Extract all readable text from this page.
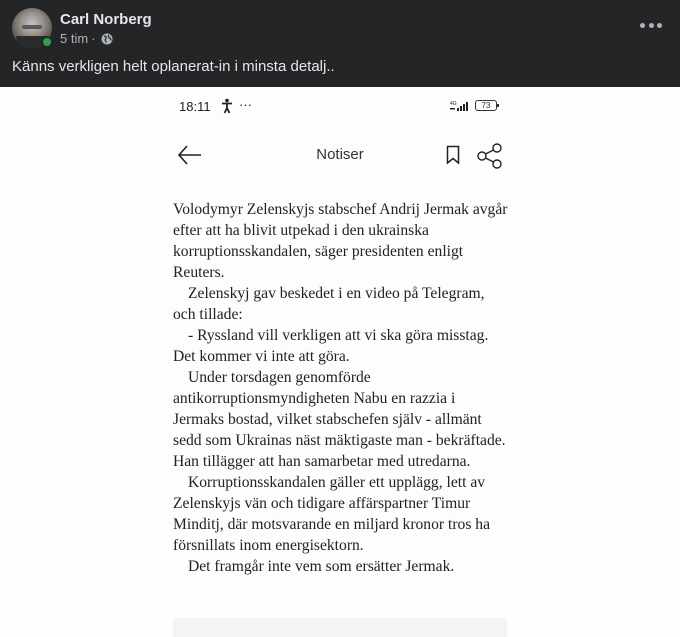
Carl Norberg
5 tim ·
Känns verkligen helt oplanerat-in i minsta detalj..
18:11 ···	4G	73
Notiser

Volodymyr Zelenskyjs stabschef Andrij Jermak avgår efter att ha blivit utpekad i den ukrainska korruptionsskandalen, säger presidenten enligt Reuters.

Zelenskyj gav beskedet i en video på Telegram, och tillade:

- Ryssland vill verkligen att vi ska göra misstag. Det kommer vi inte att göra.

Under torsdagen genomförde antikorruptionsmyndigheten Nabu en razzia i Jermaks bostad, vilket stabschefen själv - allmänt sedd som Ukrainas näst mäktigaste man - bekräftade. Han tillägger att han samarbetar med utredarna.

Korruptionsskandalen gäller ett upplägg, lett av Zelenskyjs vän och tidigare affärspartner Timur Minditj, där motsvarande en miljard kronor tros ha försnillats inom energisektorn.

Det framgår inte vem som ersätter Jermak.
